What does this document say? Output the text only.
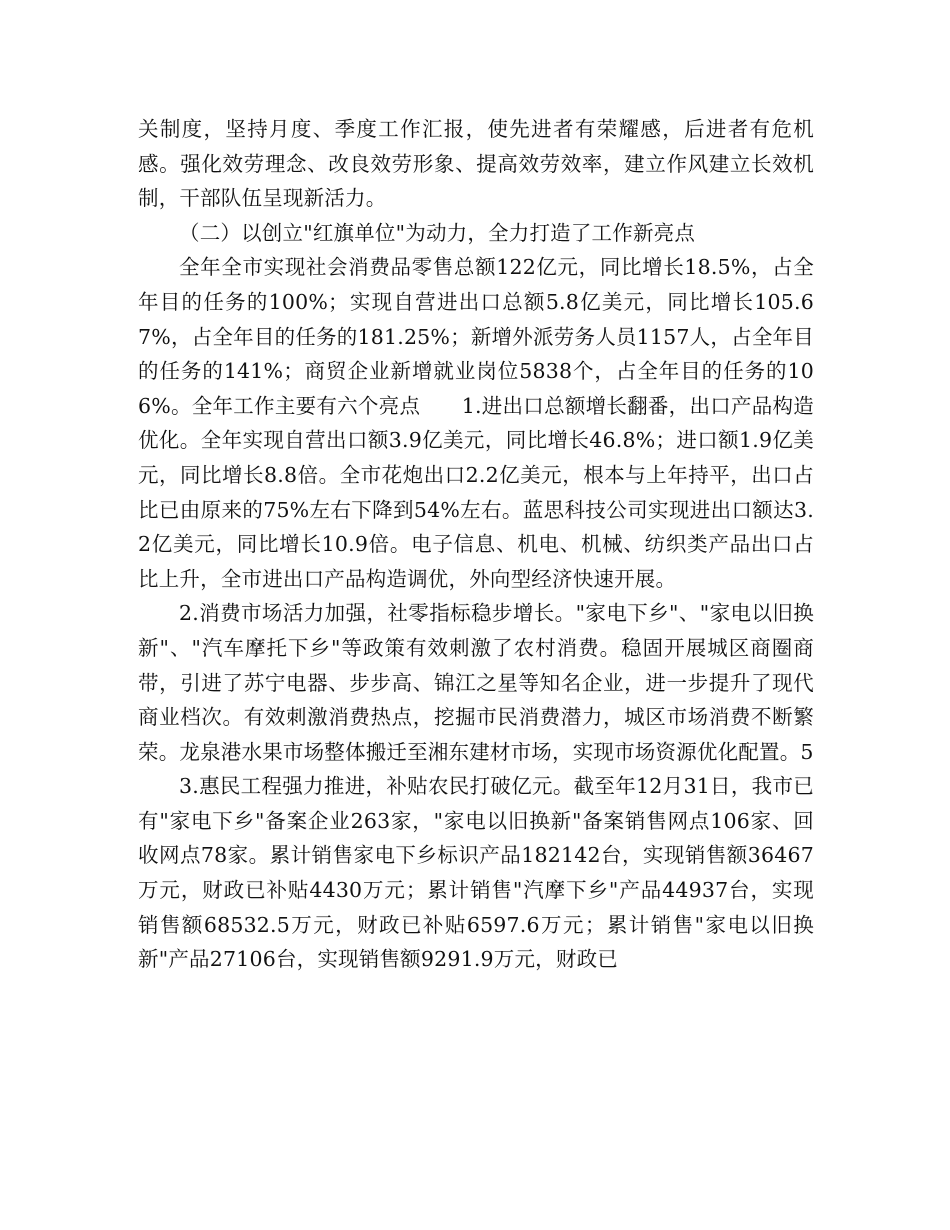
关制度，坚持月度、季度工作汇报，使先进者有荣耀感，后进者有危机感。强化效劳理念、改良效劳形象、提高效劳效率，建立作风建立长效机制，干部队伍呈现新活力。

（二）以创立"红旗单位"为动力，全力打造了工作新亮点

全年全市实现社会消费品零售总额122亿元，同比增长18.5%，占全年目的任务的100%；实现自营进出口总额5.8亿美元，同比增长105.67%，占全年目的任务的181.25%；新增外派劳务人员1157人，占全年目的任务的141%；商贸企业新增就业岗位5838个，占全年目的任务的106%。全年工作主要有六个亮点　　1.进出口总额增长翻番，出口产品构造优化。全年实现自营出口额3.9亿美元，同比增长46.8%；进口额1.9亿美元，同比增长8.8倍。全市花炮出口2.2亿美元，根本与上年持平，出口占比已由原来的75%左右下降到54%左右。蓝思科技公司实现进出口额达3.2亿美元，同比增长10.9倍。电子信息、机电、机械、纺织类产品出口占比上升，全市进出口产品构造调优，外向型经济快速开展。

2.消费市场活力加强，社零指标稳步增长。"家电下乡"、"家电以旧换新"、"汽车摩托下乡"等政策有效刺激了农村消费。稳固开展城区商圈商带，引进了苏宁电器、步步高、锦江之星等知名企业，进一步提升了现代商业档次。有效刺激消费热点，挖掘市民消费潜力，城区市场消费不断繁荣。龙泉港水果市场整体搬迁至湘东建材市场，实现市场资源优化配置。5

3.惠民工程强力推进，补贴农民打破亿元。截至年12月31日，我市已有"家电下乡"备案企业263家，"家电以旧换新"备案销售网点106家、回收网点78家。累计销售家电下乡标识产品182142台，实现销售额36467万元，财政已补贴4430万元；累计销售"汽摩下乡"产品44937台，实现销售额68532.5万元，财政已补贴6597.6万元；累计销售"家电以旧换新"产品27106台，实现销售额9291.9万元，财政已
